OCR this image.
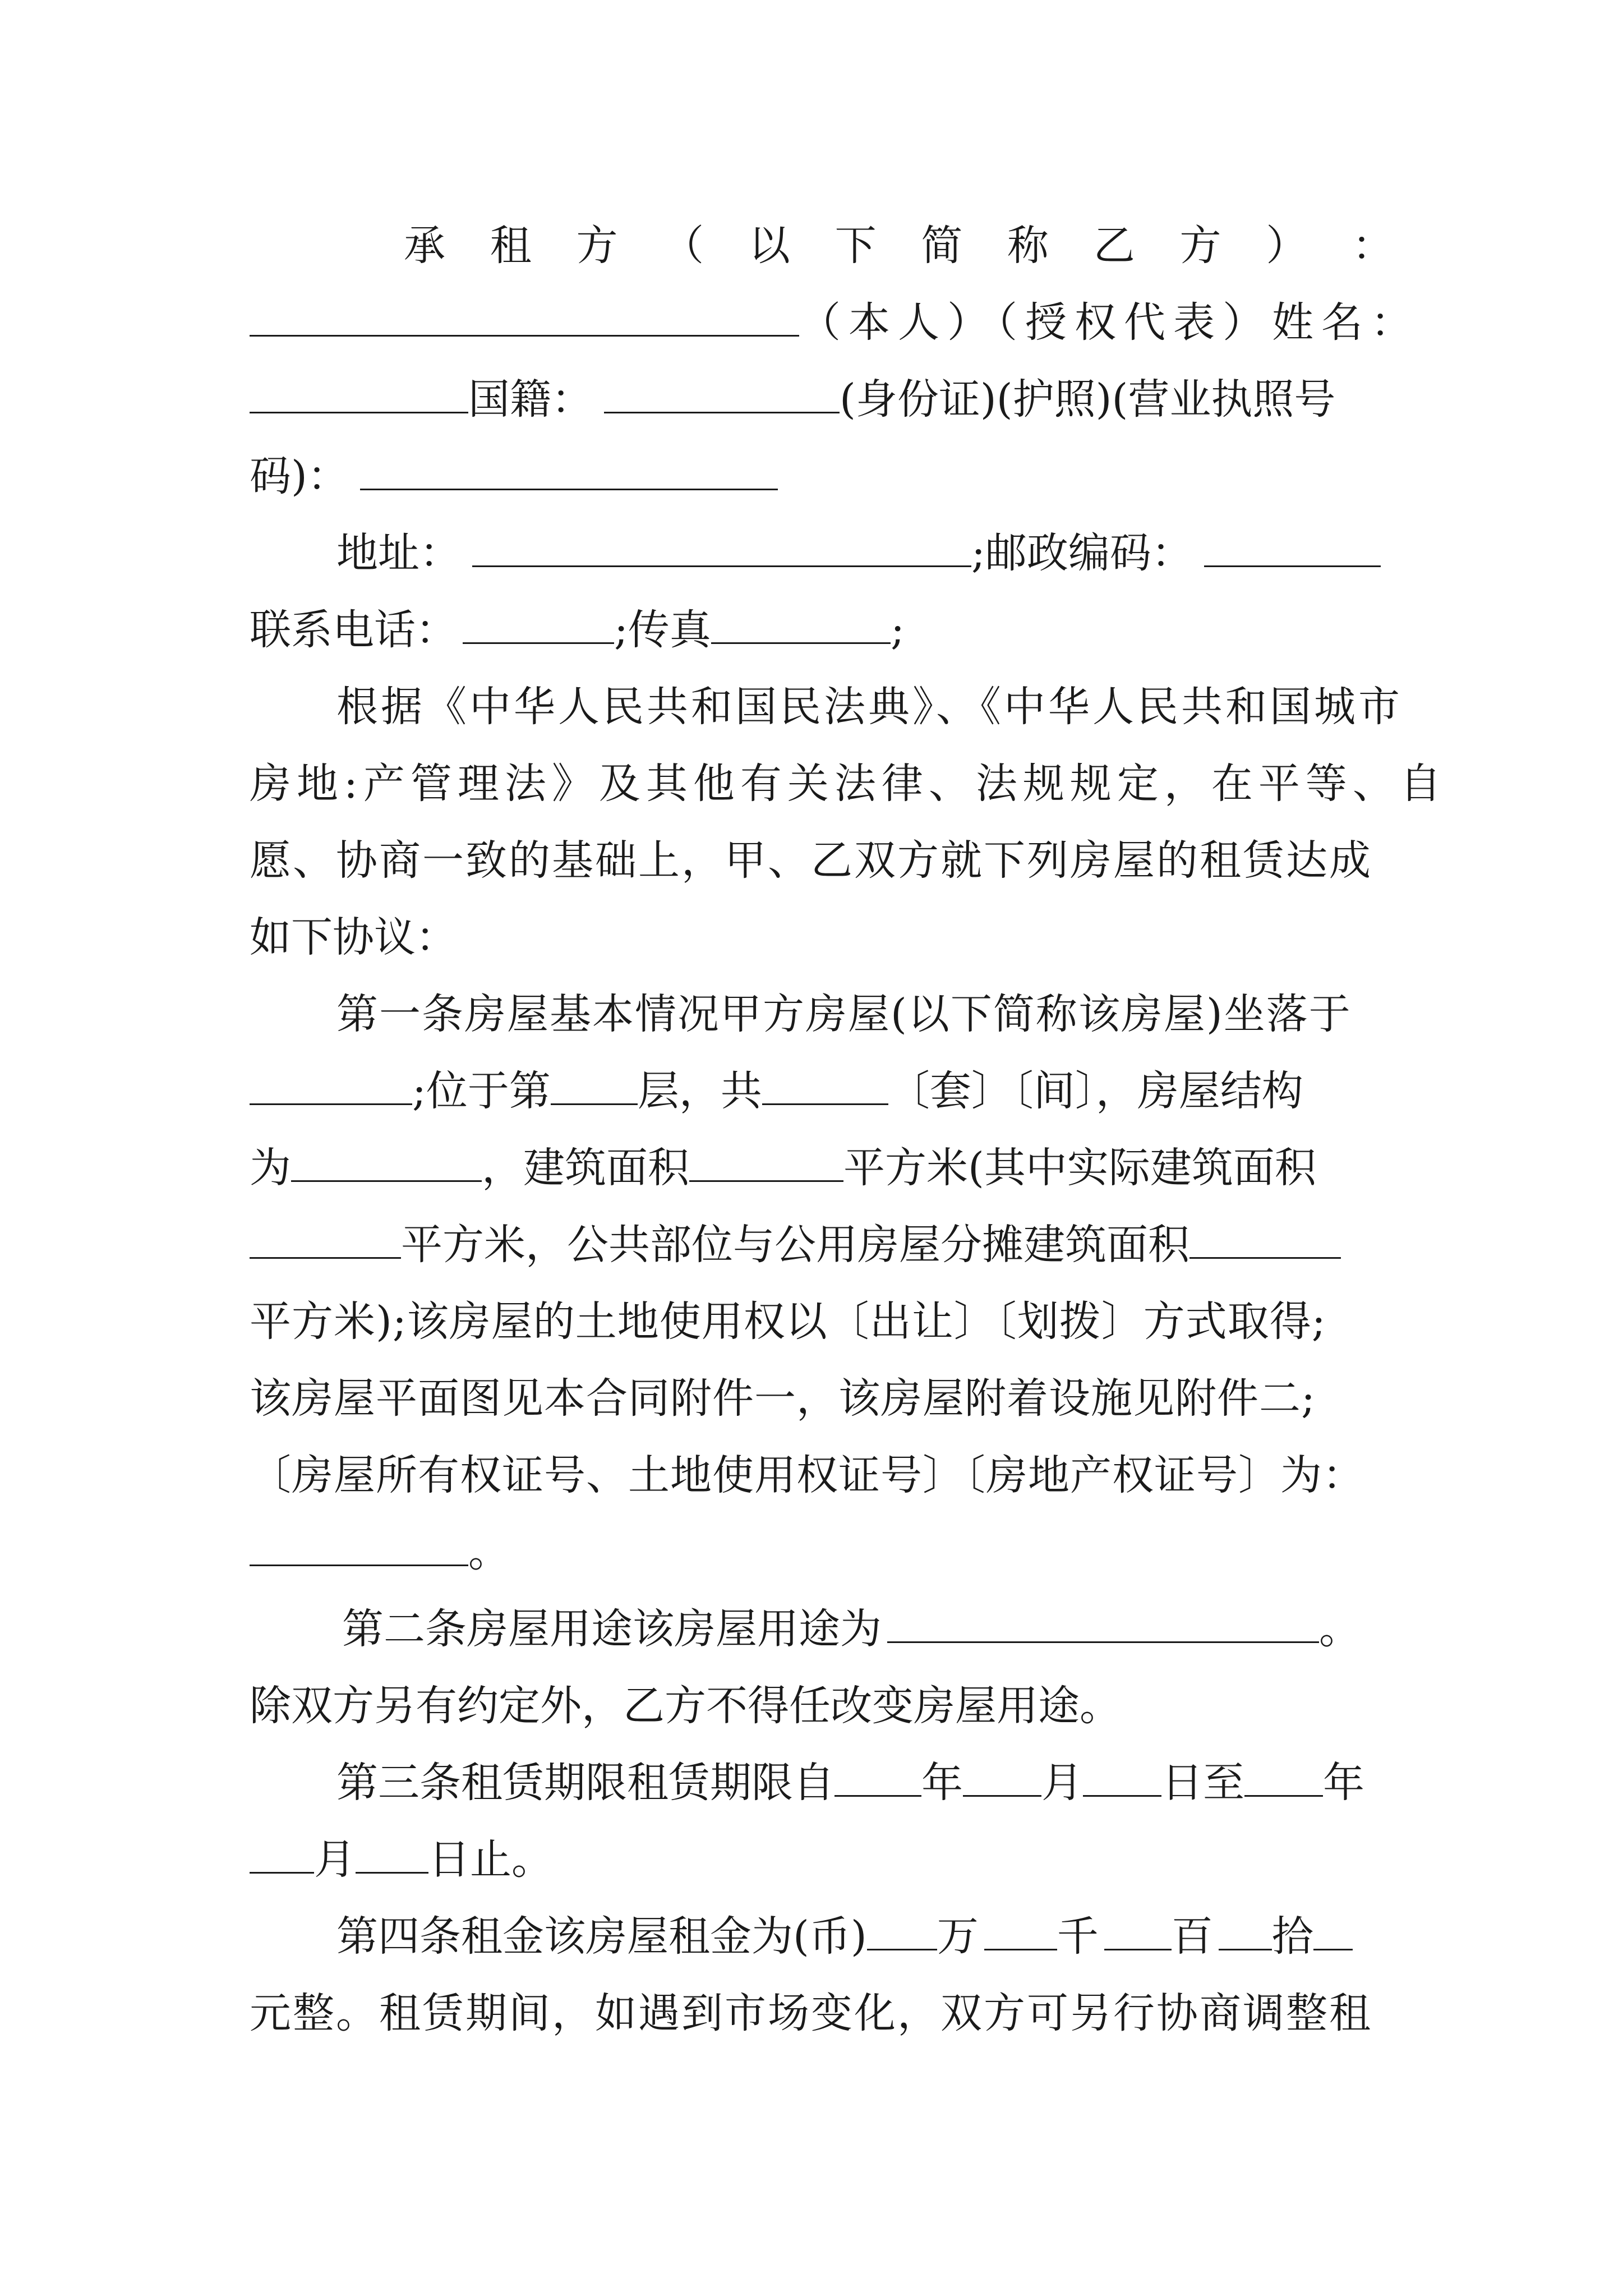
承 租 方 （ 以 下 简 称 乙 方 ） ：
（本人）（授权代表）姓名：
国籍：	(身份证)(护照)(营业执照号
码)：
地址：	;邮政编码：
联系电话：	;传真	;
根据《中华人民共和国民法典》、《中华人民共和国城市
房地:产管理法》及其他有关法律、法规规定，在平等、自
愿、协商一致的基础上，甲、乙双方就下列房屋的租赁达成
如下协议：
第一条房屋基本情况甲方房屋(以下简称该房屋)坐落于
;位于第 层，共	〔套〕〔间〕，房屋结构
为	，建筑面积	平方米(其中实际建筑面积
平方米，公共部位与公用房屋分摊建筑面积
平方米);该房屋的土地使用权以〔出让〕〔划拨〕方式取得;
该房屋平面图见本合同附件一，该房屋附着设施见附件二;
〔房屋所有权证号、土地使用权证号〕〔房地产权证号〕为：
。
第二条房屋用途该房屋用途为	。
除双方另有约定外，乙方不得任改变房屋用途。
第三条租赁期限租赁期限自 年 月 日至 年
月 日止。
第四条租金该房屋租金为(币) 万 千 百 拾
元整。租赁期间，如遇到市场变化，双方可另行协商调整租
